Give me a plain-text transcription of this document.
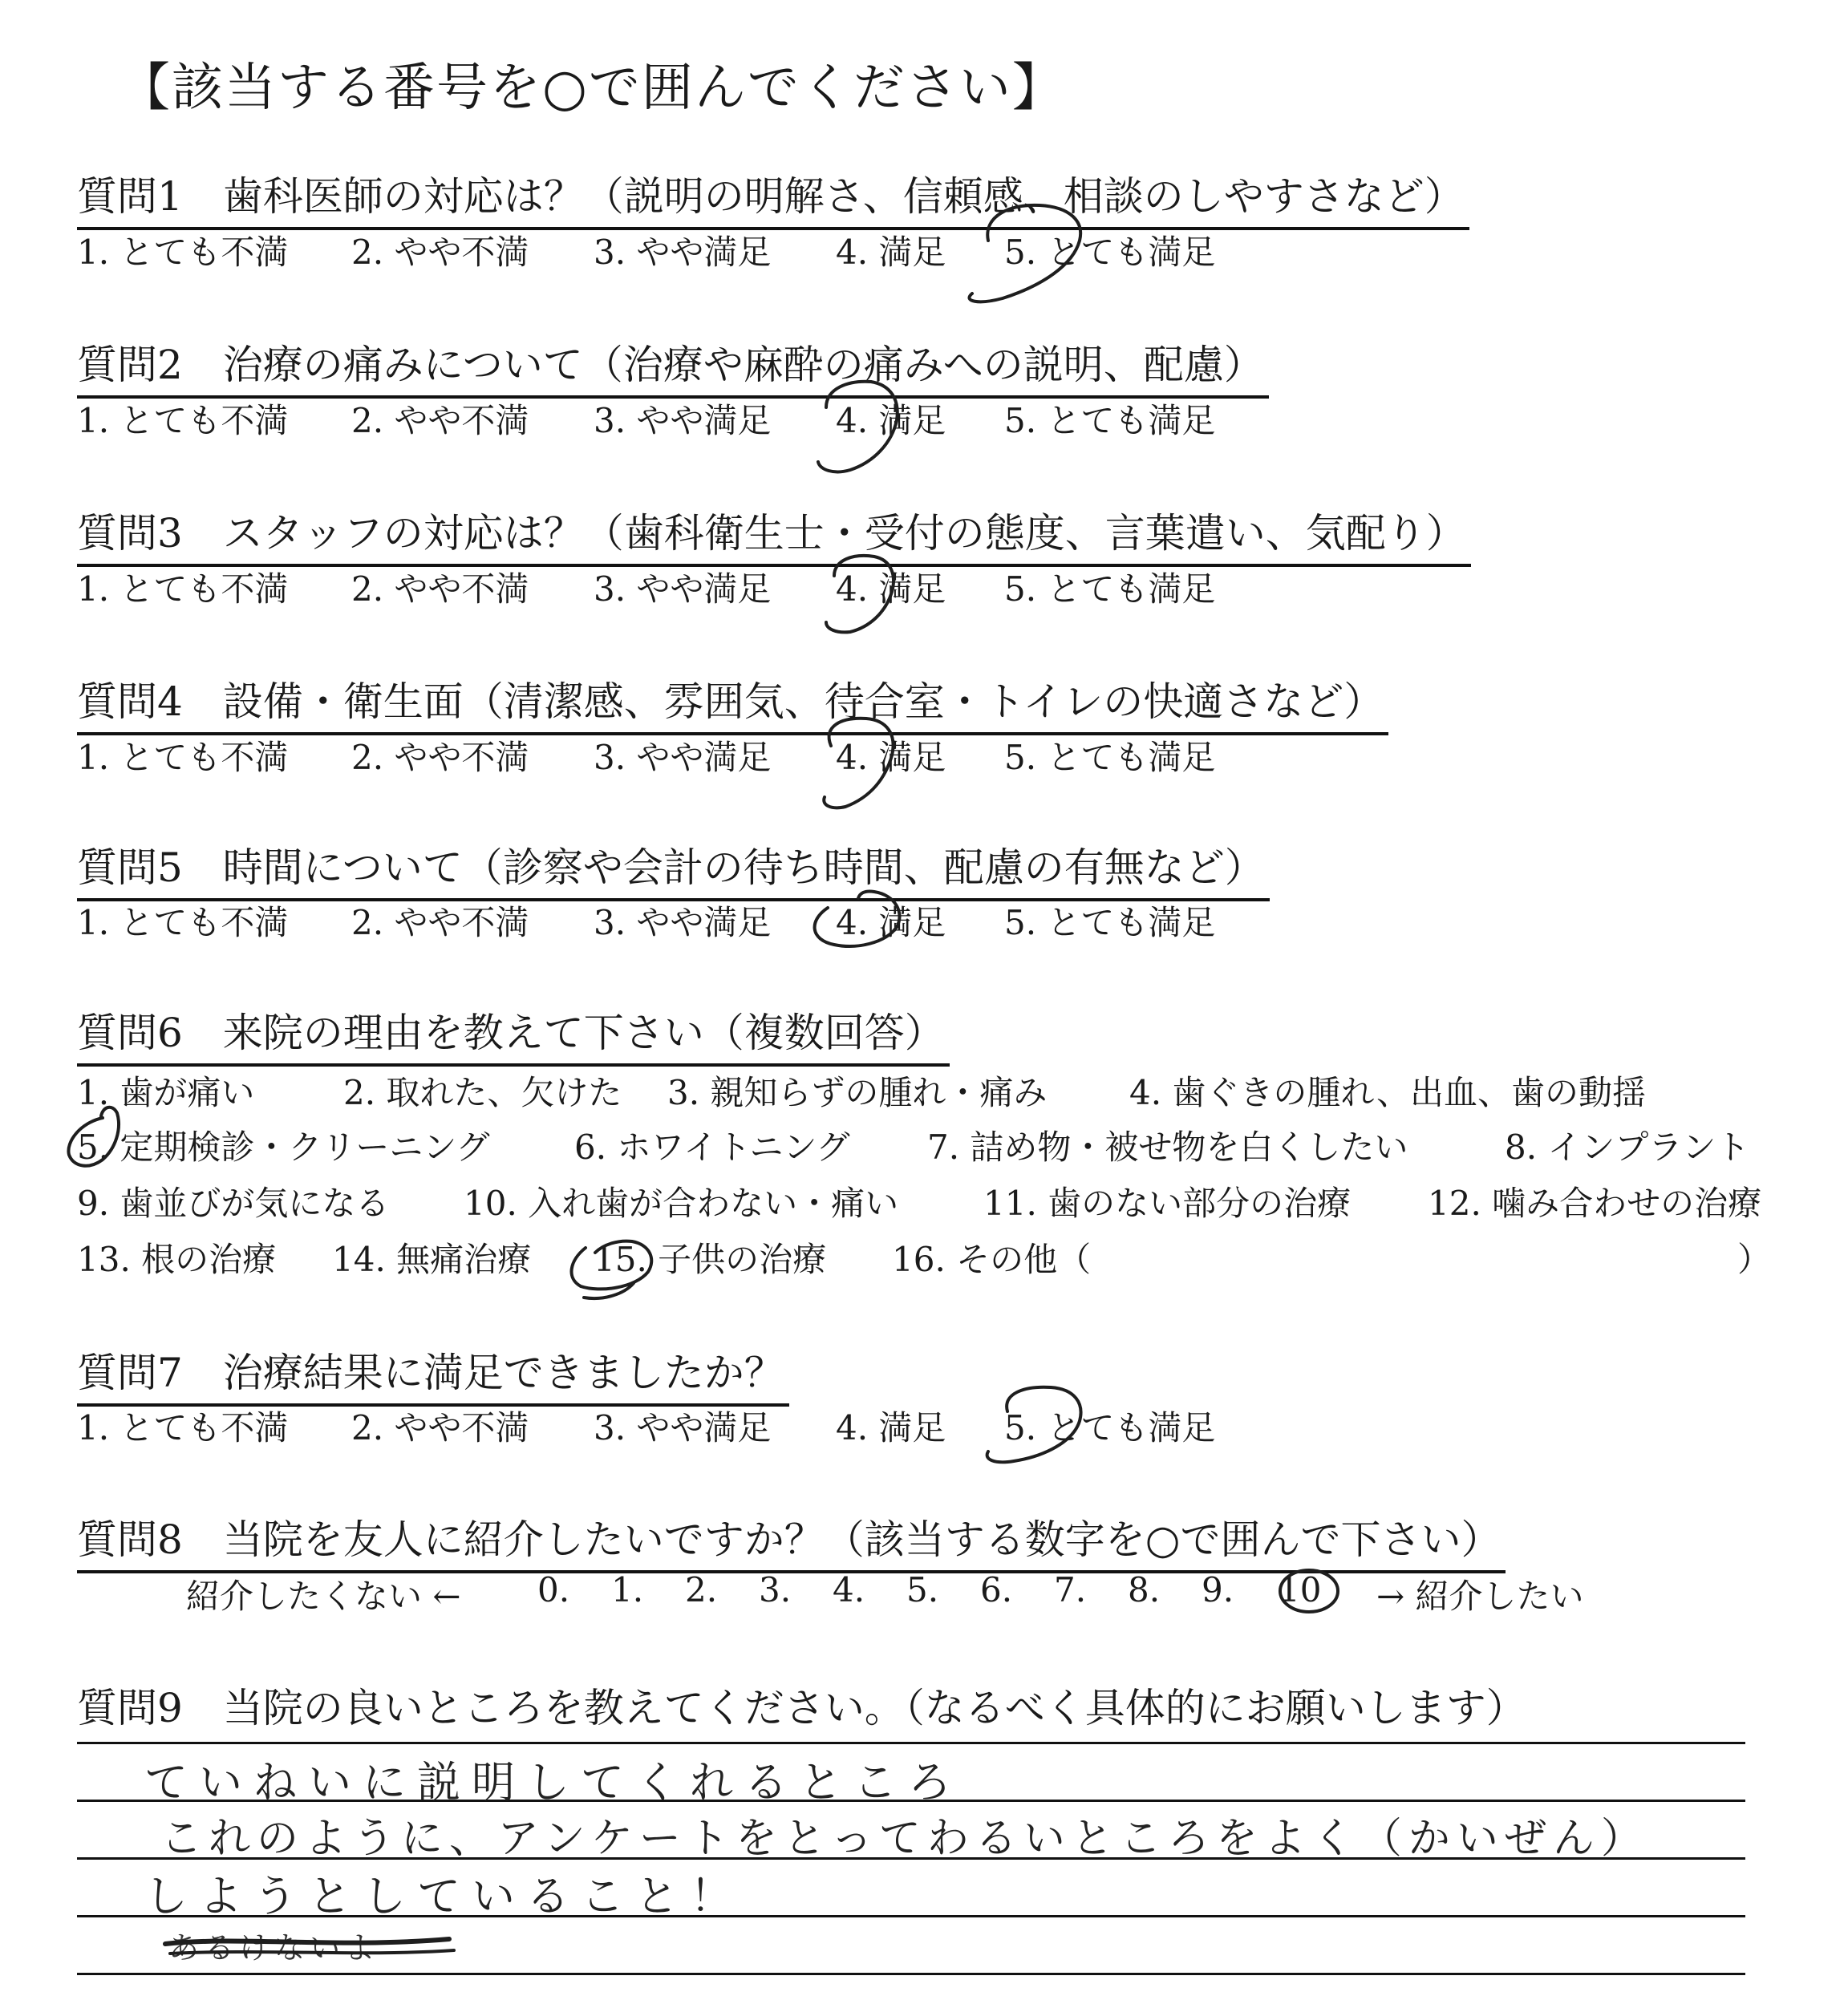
【該当する番号を○で囲んでください】
質問1　歯科医師の対応は？（説明の明解さ、信頼感、相談のしやすさなど）
1. とても不満 2. やや不満 3. やや満足 4. 満足 5. とても満足
質問2　治療の痛みについて（治療や麻酔の痛みへの説明、配慮）
1. とても不満 2. やや不満 3. やや満足 4. 満足 5. とても満足
質問3　スタッフの対応は？（歯科衛生士・受付の態度、言葉遣い、気配り）
1. とても不満 2. やや不満 3. やや満足 4. 満足 5. とても満足
質問4　設備・衛生面（清潔感、雰囲気、待合室・トイレの快適さなど）
1. とても不満 2. やや不満 3. やや満足 4. 満足 5. とても満足
質問5　時間について（診察や会計の待ち時間、配慮の有無など）
1. とても不満 2. やや不満 3. やや満足 4. 満足 5. とても満足
質問6　来院の理由を教えて下さい（複数回答）
1. 歯が痛い	2. 取れた、欠けた 3. 親知らずの腫れ・痛み 4. 歯ぐきの腫れ、出血、歯の動揺
5. 定期検診・クリーニング	6. ホワイトニング 7. 詰め物・被せ物を白くしたい	8. インプラント
9. 歯並びが気になる 10. 入れ歯が合わない・痛い	11. 歯のない部分の治療 12. 噛み合わせの治療
13. 根の治療 14. 無痛治療 15. 子供の治療 16. その他（	）
質問7　治療結果に満足できましたか？
1. とても不満 2. やや不満 3. やや満足 4. 満足 5. とても満足
質問8　当院を友人に紹介したいですか？（該当する数字を○で囲んで下さい）
紹介したくない ← 0. 1. 2. 3. 4. 5. 6. 7. 8. 9. 10 → 紹介したい
質問9　当院の良いところを教えてください。（なるべく具体的にお願いします）
ていねいに説明してくれるところ
これのように、アンケートをとってわるいところをよく（かいぜん）
しようとしていること！
あるけないよ
